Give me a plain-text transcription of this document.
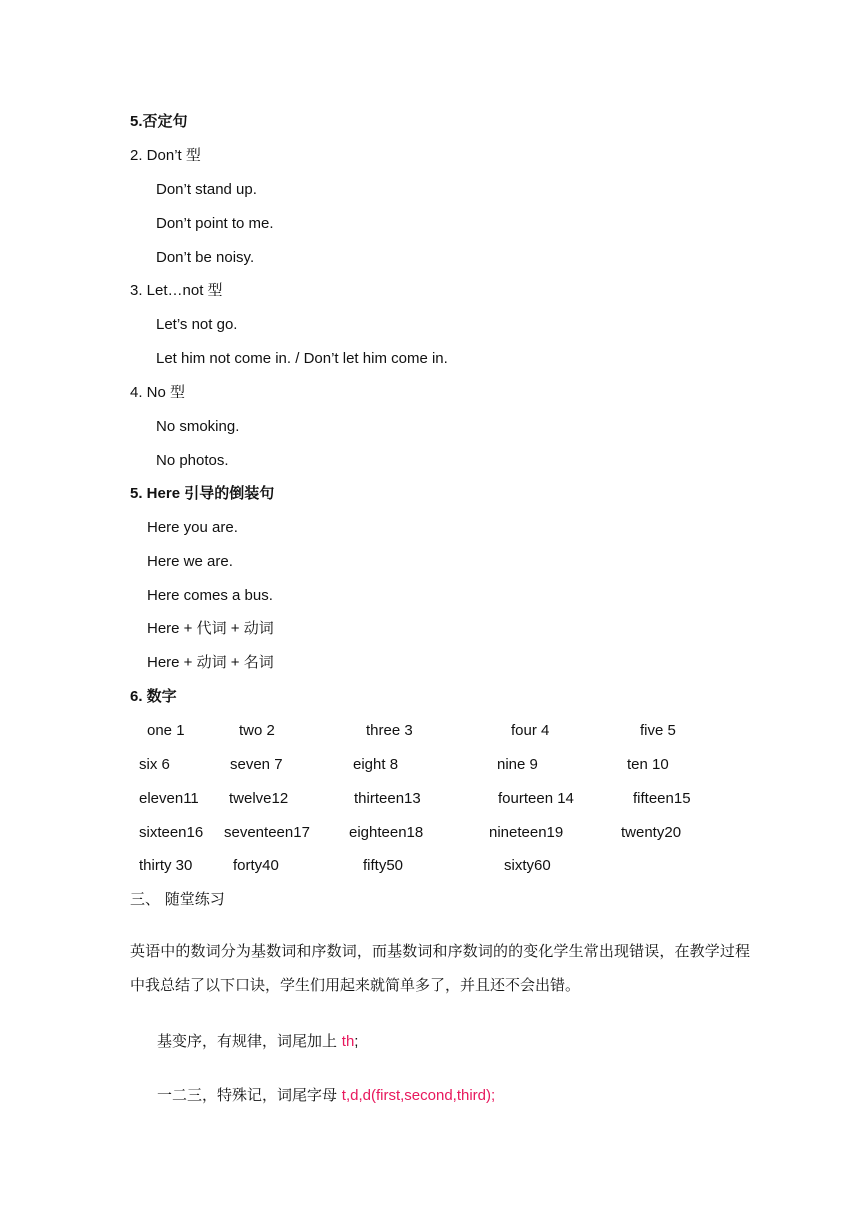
5.否定句
2. Don’t 型
Don’t stand up.
Don’t point to me.
Don’t be noisy.
3. Let…not 型
Let’s not go.
Let him not come in. / Don’t let him come in.
4. No 型
No smoking.
No photos.
5. Here 引导的倒装句
Here you are.
Here we are.
Here comes a bus.
Here + 代词 + 动词
Here + 动词 + 名词
6. 数字
one 1	two 2	three 3	four 4	five 5
six 6	seven 7	eight 8	nine 9	ten 10
eleven11 twelve12	thirteen13	fourteen 14	fifteen15
sixteen16 seventeen17	eighteen18	nineteen19	twenty20
thirty 30	forty40	fifty50	sixty60
三、 随堂练习
英语中的数词分为基数词和序数词，而基数词和序数词的的变化学生常出现错误，在教学过程中我总结了以下口诀，学生们用起来就简单多了，并且还不会出错。
基变序，有规律，词尾加上 th;
一二三，特殊记，词尾字母 t,d,d(first,second,third);
